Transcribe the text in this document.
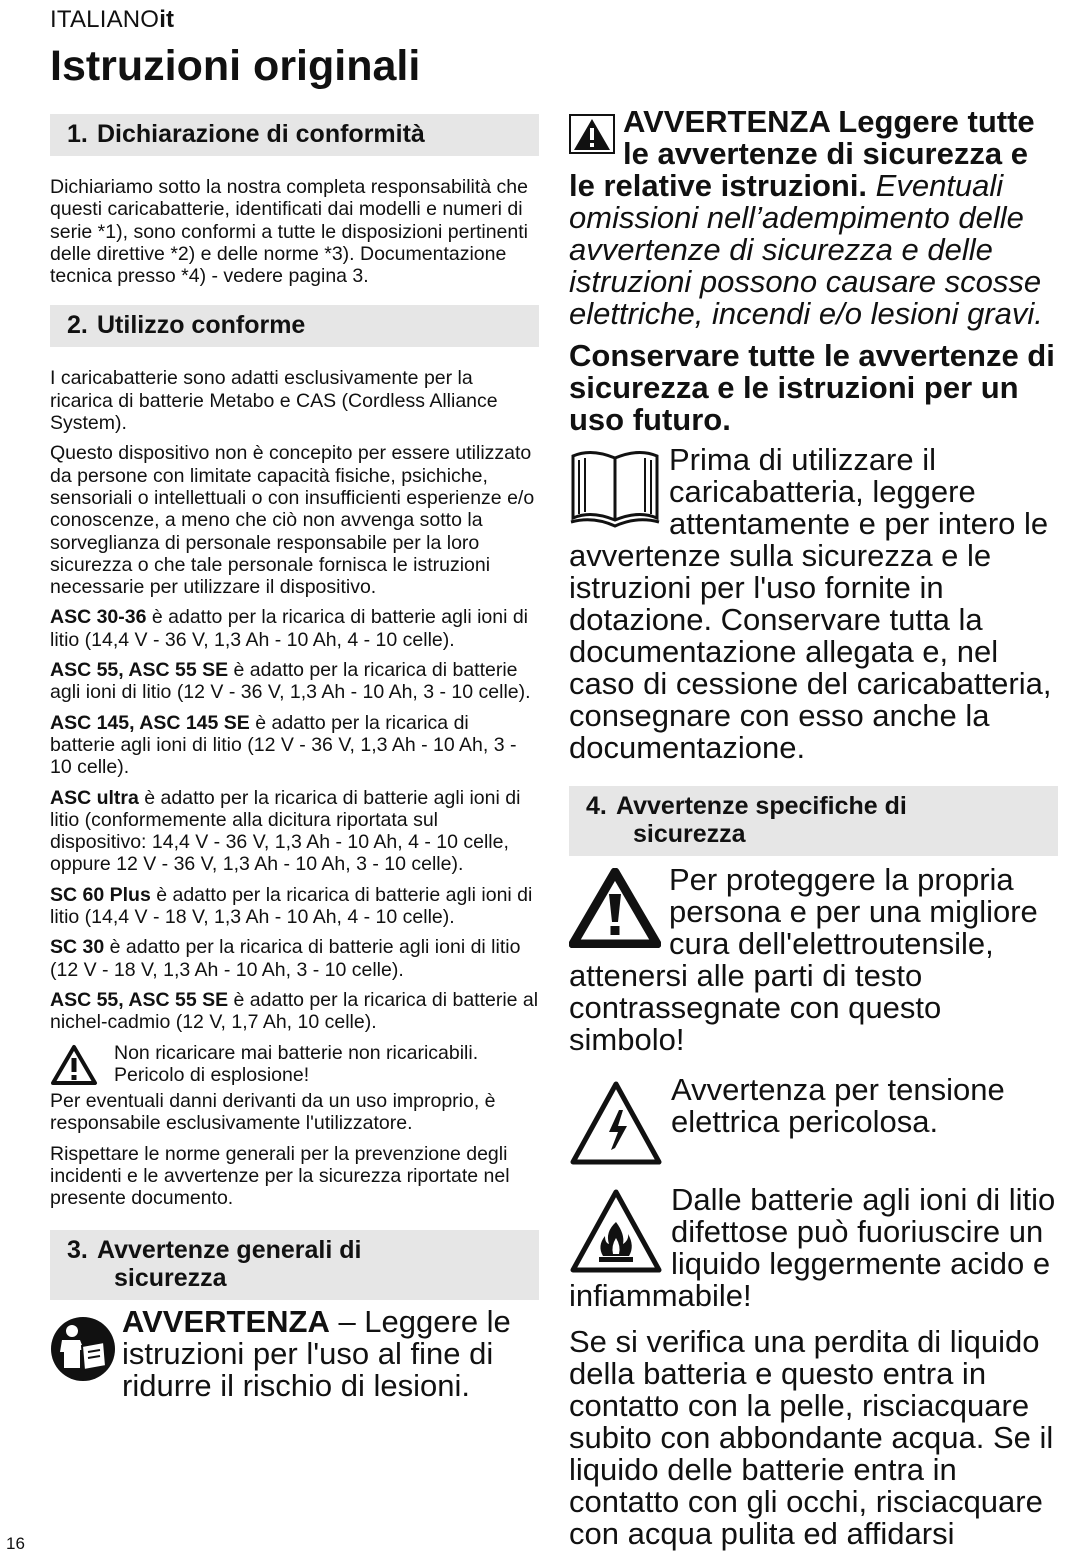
ITALIANOit
Istruzioni originali
1. Dichiarazione di conformità

Dichiariamo sotto la nostra completa responsabilità che questi caricabatterie, identificati dai modelli e numeri di serie *1), sono conformi a tutte le disposizioni pertinenti delle direttive *2) e delle norme *3). Documentazione tecnica presso *4) - vedere pagina 3.

2. Utilizzo conforme

I caricabatterie sono adatti esclusivamente per la ricarica di batterie Metabo e CAS (Cordless Alliance System).

Questo dispositivo non è concepito per essere utilizzato da persone con limitate capacità fisiche, psichiche, sensoriali o intellettuali o con insufficienti esperienze e/o conoscenze, a meno che ciò non avvenga sotto la sorveglianza di personale responsabile per la loro sicurezza o che tale personale fornisca le istruzioni necessarie per utilizzare il dispositivo.

ASC 30-36 è adatto per la ricarica di batterie agli ioni di litio (14,4 V - 36 V, 1,3 Ah - 10 Ah, 4 - 10 celle).

ASC 55, ASC 55 SE è adatto per la ricarica di batterie agli ioni di litio (12 V - 36 V, 1,3 Ah - 10 Ah, 3 - 10 celle).

ASC 145, ASC 145 SE è adatto per la ricarica di batterie agli ioni di litio (12 V - 36 V, 1,3 Ah - 10 Ah, 3 - 10 celle).

ASC ultra è adatto per la ricarica di batterie agli ioni di litio (conformemente alla dicitura riportata sul dispositivo: 14,4 V - 36 V, 1,3 Ah - 10 Ah, 4 - 10 celle, oppure 12 V - 36 V, 1,3 Ah - 10 Ah, 3 - 10 celle).

SC 60 Plus è adatto per la ricarica di batterie agli ioni di litio (14,4 V - 18 V, 1,3 Ah - 10 Ah, 4 - 10 celle).

SC 30 è adatto per la ricarica di batterie agli ioni di litio (12 V - 18 V, 1,3 Ah - 10 Ah, 3 - 10 celle).

ASC 55, ASC 55 SE è adatto per la ricarica di batterie al nichel-cadmio (12 V, 1,7 Ah, 10 celle).

Non ricaricare mai batterie non ricaricabili. Pericolo di esplosione!

Per eventuali danni derivanti da un uso improprio, è responsabile esclusivamente l'utilizzatore.

Rispettare le norme generali per la prevenzione degli incidenti e le avvertenze per la sicurezza riportate nel presente documento.

3. Avvertenze generali di
sicurezza
AVVERTENZA – Leggere le istruzioni per l'uso al fine di ridurre il rischio di lesioni.
AVVERTENZA Leggere tutte le avvertenze di sicurezza e le relative istruzioni. Eventuali omissioni nell’adempimento delle avvertenze di sicurezza e delle istruzioni possono causare scosse elettriche, incendi e/o lesioni gravi.
Conservare tutte le avvertenze di sicurezza e le istruzioni per un uso futuro.
Prima di utilizzare il caricabatteria, leggere attentamente e per intero le avvertenze sulla sicurezza e le istruzioni per l'uso fornite in dotazione. Conservare tutta la documentazione allegata e, nel caso di cessione del caricabatteria, consegnare con esso anche la documentazione.
4. Avvertenze specifiche di
sicurezza
Per proteggere la propria persona e per una migliore cura dell'elettroutensile, attenersi alle parti di testo contrassegnate con questo simbolo!
Avvertenza per tensione elettrica pericolosa.
Dalle batterie agli ioni di litio difettose può fuoriuscire un liquido leggermente acido e infiammabile!
Se si verifica una perdita di liquido della batteria e questo entra in contatto con la pelle, risciacquare subito con abbondante acqua. Se il liquido delle batterie entra in contatto con gli occhi, risciacquare con acqua pulita ed affidarsi
16
